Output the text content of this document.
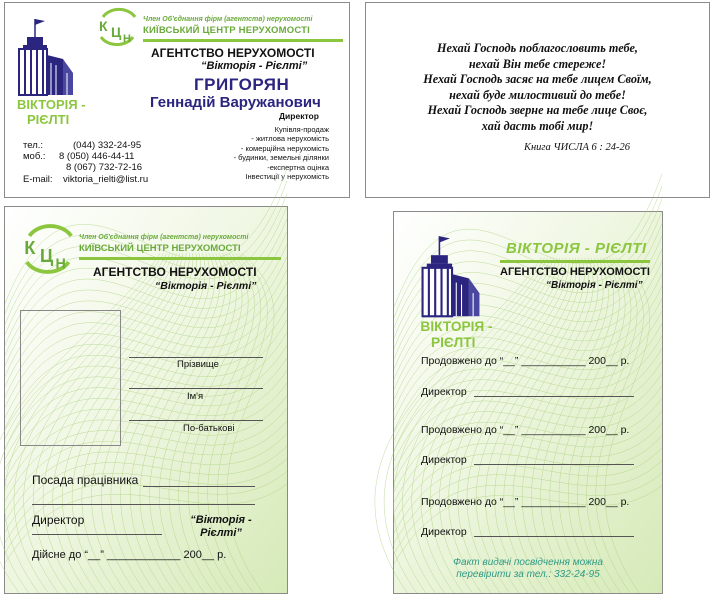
ВІКТОРІЯ -
РІЄЛТІ
К Ц Н
Член Об'єднання фірм (агентств) нерухомості
КИЇВСЬКИЙ ЦЕНТР НЕРУХОМОСТІ
АГЕНТСТВО НЕРУХОМОСТІ
“Вікторія - Рієлті”
ГРИГОРЯН
Геннадій Варужанович
Директор
Купівля-продаж
- житлова нерухомість
- комерційна нерухомість
- будинки, земельні ділянки
-експертна оцінка
Інвестиції у нерухомість
тел.:	(044) 332-24-95
моб.:	8 (050) 446-44-11
8 (067) 732-72-16
E-mail:	viktoria_rielti@list.ru
Нехай Господь поблагословить тебе,
нехай Він тебе стереже!
Нехай Господь засяє на тебе лицем Своїм,
нехай буде милостивий до тебе!
Нехай Господь зверне на тебе лице Своє,
хай дасть тобі мир!
Книга ЧИСЛА 6 : 24-26
К Ц Н
Член Об'єднання фірм (агентств) нерухомості
КИЇВСЬКИЙ ЦЕНТР НЕРУХОМОСТІ
АГЕНТСТВО НЕРУХОМОСТІ
“Вікторія - Рієлті”
Прізвище
Ім'я
По-батькові
Посада працівника
Директор	“Вікторія -
Рієлті”
Дійсне до “__” ____________ 200__ р.
ВІКТОРІЯ -
РІЄЛТІ
ВІКТОРІЯ - РІЄЛТІ
АГЕНТСТВО НЕРУХОМОСТІ
“Вікторія - Рієлті”
Продовжено до “__” ___________ 200__ р.
Директор
Продовжено до “__” ___________ 200__ р.
Директор
Продовжено до “__” ___________ 200__ р.
Директор
Факт видачі посвідчення можна
перевірити за тел.: 332-24-95
